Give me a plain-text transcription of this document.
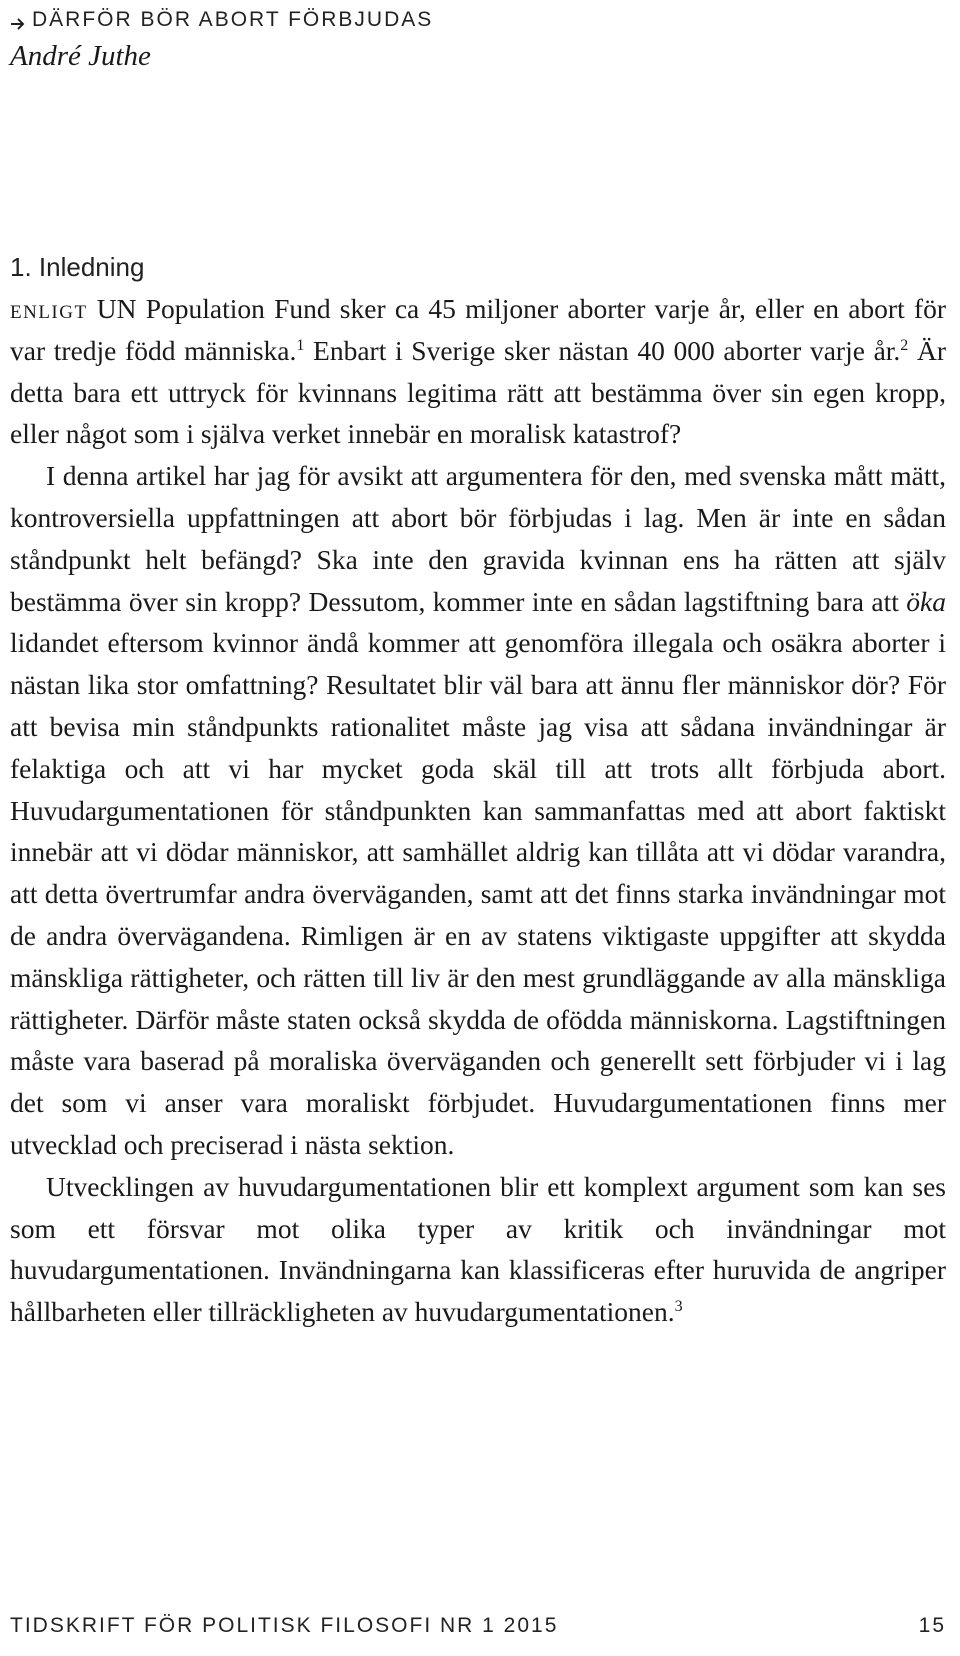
DÄRFÖR BÖR ABORT FÖRBJUDAS
André Juthe
1. Inledning

enligt UN Population Fund sker ca 45 miljoner aborter varje år, eller en abort för var tredje född människa.$^1$ Enbart i Sverige sker nästan 40 000 aborter varje år.$^2$ Är detta bara ett uttryck för kvinnans legitima rätt att bestämma över sin egen kropp, eller något som i själva verket innebär en moralisk katastrof?

I denna artikel har jag för avsikt att argumentera för den, med svenska mått mätt, kontroversiella uppfattningen att abort bör förbjudas i lag. Men är inte en sådan ståndpunkt helt befängd? Ska inte den gravida kvinnan ens ha rätten att själv bestämma över sin kropp? Dessutom, kommer inte en sådan lagstiftning bara att öka lidandet eftersom kvinnor ändå kommer att genomföra illegala och osäkra aborter i nästan lika stor omfattning? Resultatet blir väl bara att ännu fler människor dör? För att bevisa min ståndpunkts rationalitet måste jag visa att sådana invändningar är felaktiga och att vi har mycket goda skäl till att trots allt förbjuda abort. Huvudargumentationen för ståndpunkten kan sammanfattas med att abort faktiskt innebär att vi dödar människor, att samhället aldrig kan tillåta att vi dödar varandra, att detta övertrumfar andra överväganden, samt att det finns starka invändningar mot de andra övervägandena. Rimligen är en av statens viktigaste uppgifter att skydda mänskliga rättigheter, och rätten till liv är den mest grundläggande av alla mänskliga rättigheter. Därför måste staten också skydda de ofödda människorna. Lagstiftningen måste vara baserad på moraliska överväganden och generellt sett förbjuder vi i lag det som vi anser vara moraliskt förbjudet. Huvudargumentationen finns mer utvecklad och preciserad i nästa sektion.

Utvecklingen av huvudargumentationen blir ett komplext argument som kan ses som ett försvar mot olika typer av kritik och invändningar mot huvudargumentationen. Invändningarna kan klassificeras efter huruvida de angriper hållbarheten eller tillräckligheten av huvudargumentationen.$^3$

TIDSKRIFT FÖR POLITISK FILOSOFI NR 1 2015	15
